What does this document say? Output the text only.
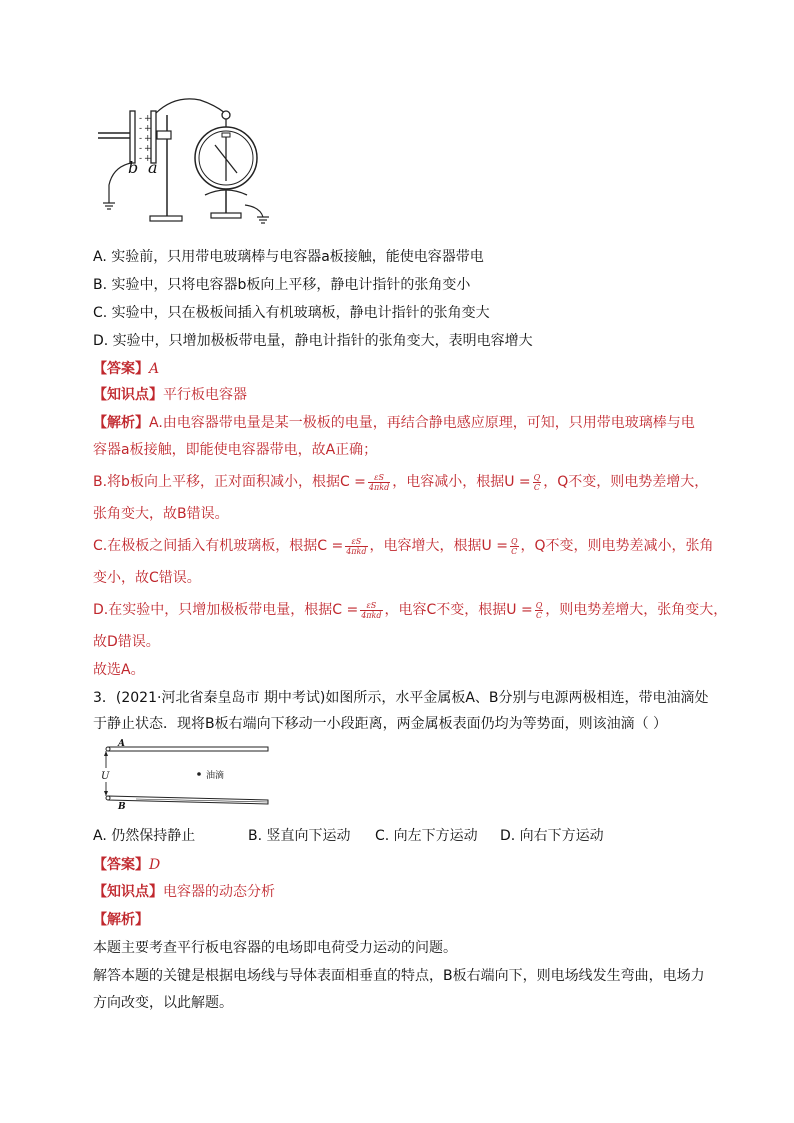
-
-
-
-
-
+
+
+
+
+
b a
A. 实验前，只用带电玻璃棒与电容器a板接触，能使电容器带电
B. 实验中，只将电容器b板向上平移，静电计指针的张角变小
C. 实验中，只在极板间插入有机玻璃板，静电计指针的张角变大
D. 实验中，只增加极板带电量，静电计指针的张角变大，表明电容增大
【答案】A
【知识点】平行板电容器
【解析】A.由电容器带电量是某一极板的电量，再结合静电感应原理，可知，只用带电玻璃棒与电
容器a板接触，即能使电容器带电，故A正确；
B.将b板向上平移，正对面积减小，根据$C = \frac{\varepsilon S}{\text{4πkd}}$ ，电容减小，根据$U = \frac{Q}{C}$ ，Q不变，则电势差增大，
张角变大，故B错误。
C.在极板之间插入有机玻璃板，根据$C = \frac{\varepsilon S}{\text{4πkd}}$ ，电容增大，根据$U = \frac{Q}{C}$ ，Q不变，则电势差减小，张角
变小，故C错误。
D.在实验中，只增加极板带电量，根据$C = \frac{\varepsilon S}{\text{4πkd}}$ ，电容C不变，根据$U = \frac{Q}{C}$ ，则电势差增大，张角变大，
故D错误。
故选A。
3．(2021·河北省秦皇岛市 期中考试)如图所示，水平金属板A、B分别与电源两极相连，带电油滴处
于静止状态．现将B板右端向下移动一小段距离，两金属板表面仍均为等势面，则该油滴（ ）
U
A
B
油滴
A. 仍然保持静止	B. 竖直向下运动 C. 向左下方运动 D. 向右下方运动
【答案】D
【知识点】电容器的动态分析
【解析】
本题主要考查平行板电容器的电场即电荷受力运动的问题。
解答本题的关键是根据电场线与导体表面相垂直的特点，B板右端向下，则电场线发生弯曲，电场力
方向改变，以此解题。
